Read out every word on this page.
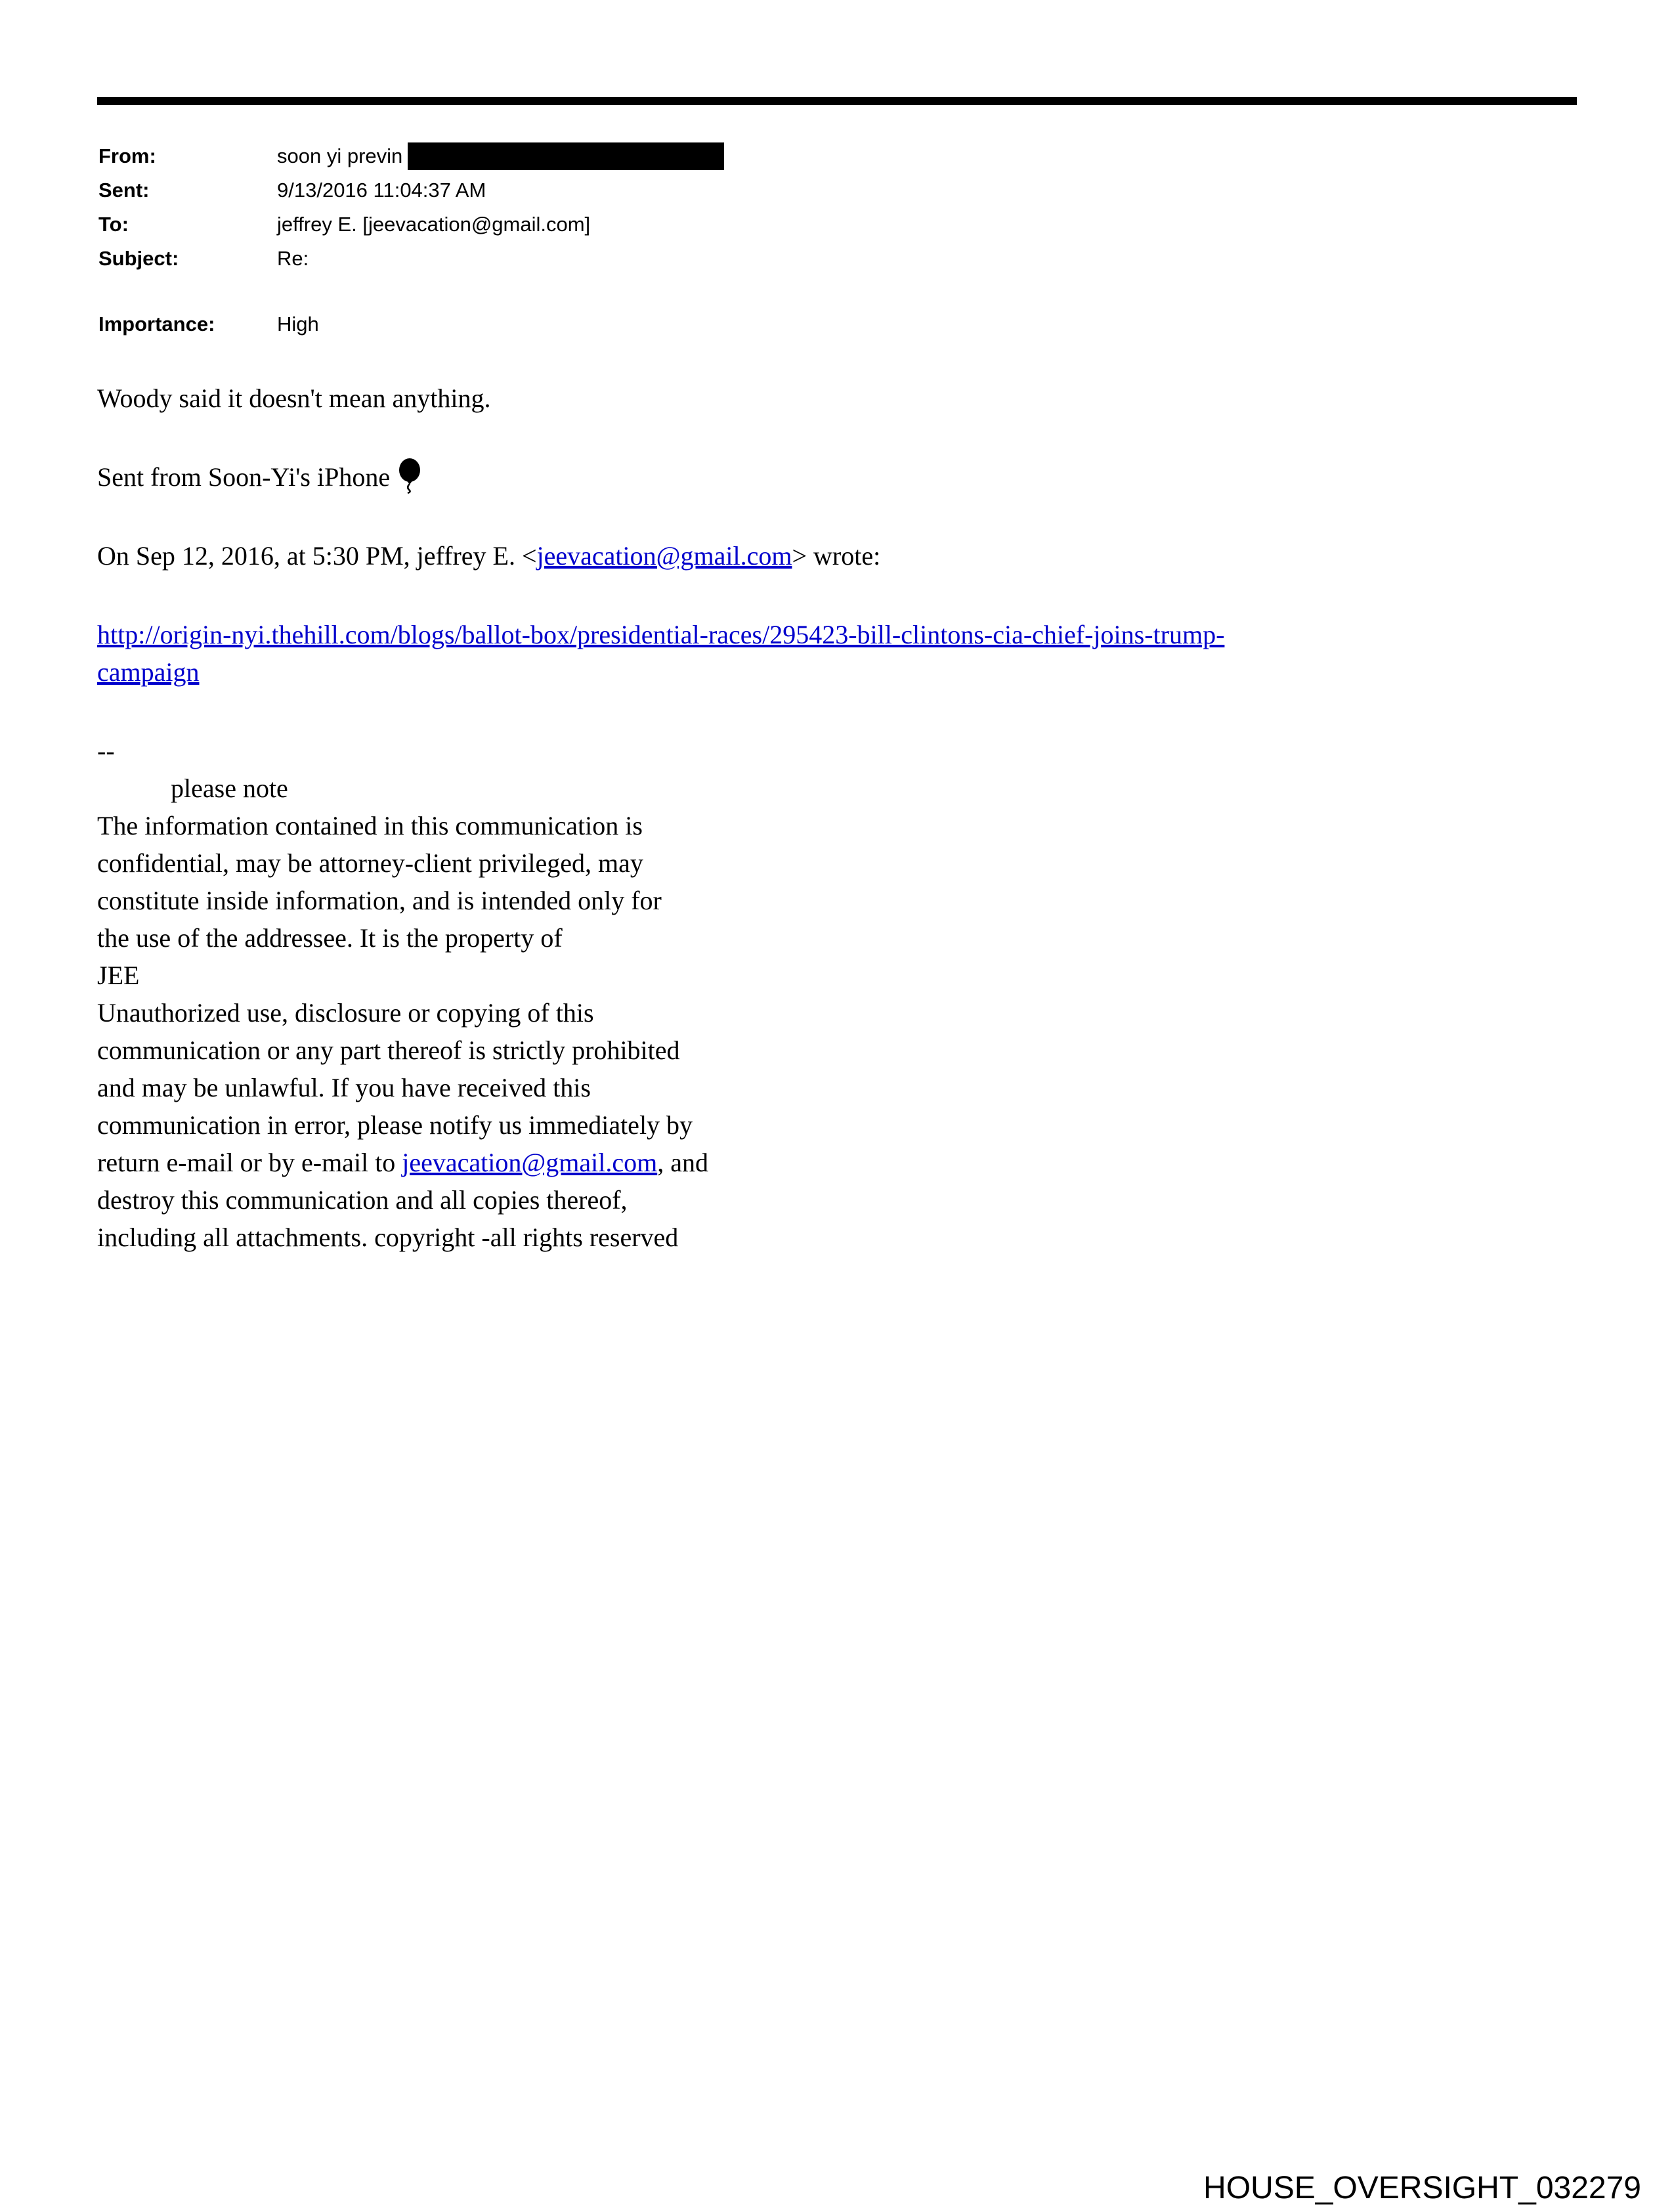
From:	soon yi previn
Sent:	9/13/2016 11:04:37 AM
To:	jeffrey E. [jeevacation@gmail.com]
Subject:	Re:
Importance:	High

Woody said it doesn't mean anything.

Sent from Soon-Yi's iPhone

On Sep 12, 2016, at 5:30 PM, jeffrey E. <jeevacation@gmail.com> wrote:

http://origin-nyi.thehill.com/blogs/ballot-box/presidential-races/295423-bill-clintons-cia-chief-joins-trump-
campaign

--
please note
The information contained in this communication is
confidential, may be attorney-client privileged, may
constitute inside information, and is intended only for
the use of the addressee. It is the property of
JEE
Unauthorized use, disclosure or copying of this
communication or any part thereof is strictly prohibited
and may be unlawful. If you have received this
communication in error, please notify us immediately by
return e-mail or by e-mail to jeevacation@gmail.com, and
destroy this communication and all copies thereof,
including all attachments. copyright -all rights reserved
HOUSE_OVERSIGHT_032279
